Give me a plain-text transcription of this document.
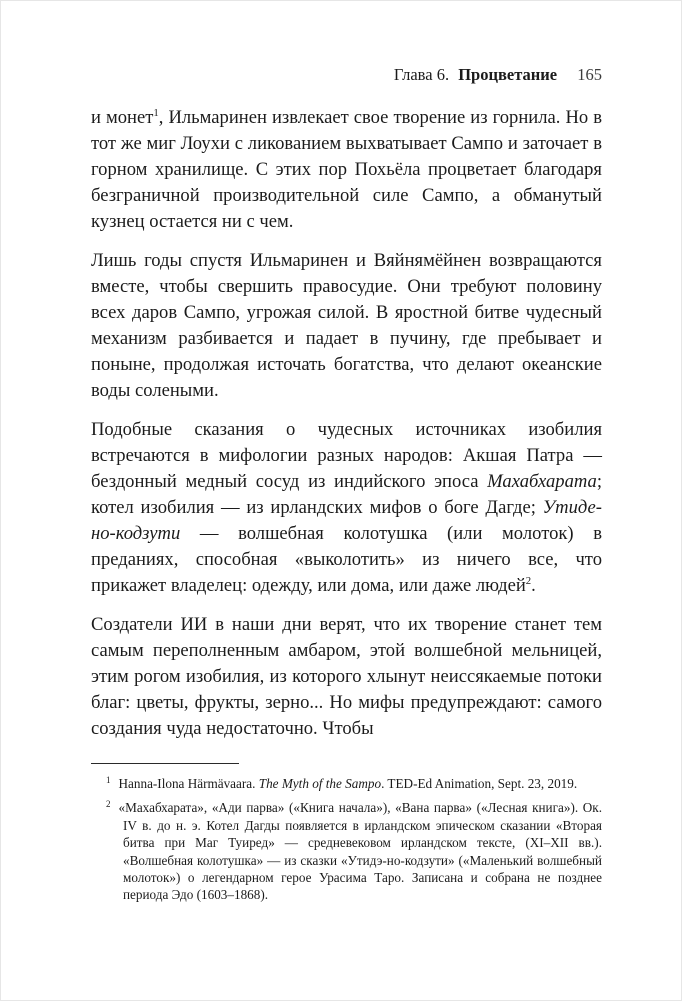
Глава 6. Процветание 165

и монет$^1$, Ильмаринен извлекает свое творение из горнила. Но в тот же миг Лоухи с ликованием выхватывает Сампо и заточает в горном хранилище. С этих пор Похьёла процветает благодаря безграничной производительной силе Сампо, а обманутый кузнец остается ни с чем.

Лишь годы спустя Ильмаринен и Вяйнямёйнен возвращаются вместе, чтобы свершить правосудие. Они требуют половину всех даров Сампо, угрожая силой. В яростной битве чудесный механизм разбивается и падает в пучину, где пребывает и поныне, продолжая источать богатства, что делают океанские воды солеными.

Подобные сказания о чудесных источниках изобилия встречаются в мифологии разных народов: Акшая Патра — бездонный медный сосуд из индийского эпоса Махабхарата; котел изобилия — из ирландских мифов о боге Дагде; Утиде-но-кодзути — волшебная колотушка (или молоток) в преданиях, способная «выколотить» из ничего все, что прикажет владелец: одежду, или дома, или даже людей$^2$.

Создатели ИИ в наши дни верят, что их творение станет тем самым переполненным амбаром, этой волшебной мельницей, этим рогом изобилия, из которого хлынут неиссякаемые потоки благ: цветы, фрукты, зерно... Но мифы предупреждают: самого создания чуда недостаточно. Чтобы

$^1$ Hanna-Ilona Härmävaara. The Myth of the Sampo. TED-Ed Animation, Sept. 23, 2019.

$^2$ «Махабхарата», «Ади парва» («Книга начала»), «Вана парва» («Лесная книга»). Ок. IV в. до н. э. Котел Дагды появляется в ирландском эпическом сказании «Вторая битва при Маг Туиред» — средневековом ирландском тексте, (XI–XII вв.). «Волшебная колотушка» — из сказки «Утидэ-но-кодзути» («Маленький волшебный молоток») о легендарном герое Урасима Таро. Записана и собрана не позднее периода Эдо (1603–1868).
